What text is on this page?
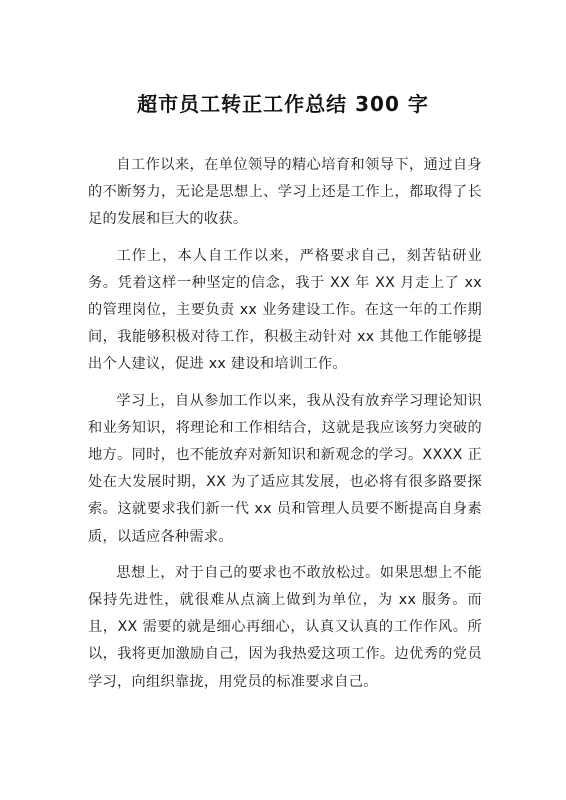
超市员工转正工作总结 300 字

自工作以来，在单位领导的精心培育和领导下，通过自身的不断努力，无论是思想上、学习上还是工作上，都取得了长足的发展和巨大的收获。

工作上，本人自工作以来，严格要求自己，刻苦钻研业务。凭着这样一种坚定的信念，我于 XX 年 XX 月走上了 xx 的管理岗位，主要负责 xx 业务建设工作。在这一年的工作期间，我能够积极对待工作，积极主动针对 xx 其他工作能够提出个人建议，促进 xx 建设和培训工作。

学习上，自从参加工作以来，我从没有放弃学习理论知识和业务知识，将理论和工作相结合，这就是我应该努力突破的地方。同时，也不能放弃对新知识和新观念的学习。XXXX 正处在大发展时期，XX 为了适应其发展，也必将有很多路要探索。这就要求我们新一代 xx 员和管理人员要不断提高自身素质，以适应各种需求。

思想上，对于自己的要求也不敢放松过。如果思想上不能保持先进性，就很难从点滴上做到为单位，为 xx 服务。而且，XX 需要的就是细心再细心，认真又认真的工作作风。所以，我将更加激励自己，因为我热爱这项工作。边优秀的党员学习，向组织靠拢，用党员的标准要求自己。
